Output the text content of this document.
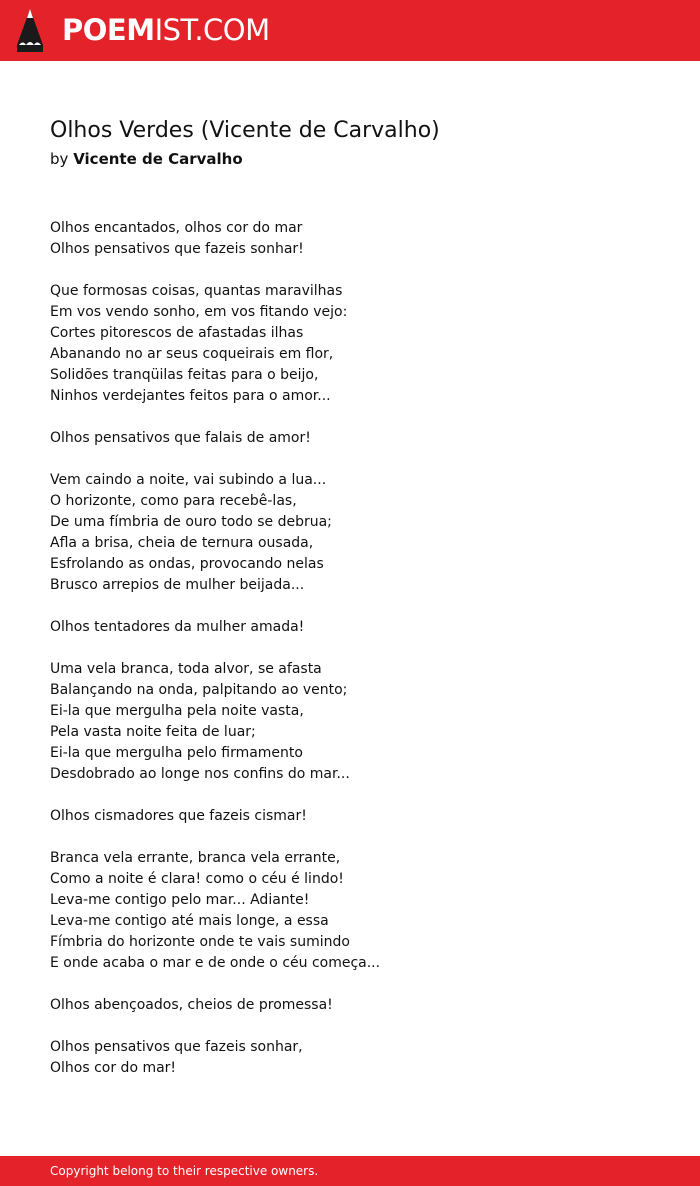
POEMIST.COM
Olhos Verdes (Vicente de Carvalho)
by Vicente de Carvalho
Olhos encantados, olhos cor do mar
Olhos pensativos que fazeis sonhar!
Que formosas coisas, quantas maravilhas
Em vos vendo sonho, em vos fitando vejo:
Cortes pitorescos de afastadas ilhas
Abanando no ar seus coqueirais em flor,
Solidões tranqüilas feitas para o beijo,
Ninhos verdejantes feitos para o amor...
Olhos pensativos que falais de amor!
Vem caindo a noite, vai subindo a lua...
O horizonte, como para recebê-las,
De uma fímbria de ouro todo se debrua;
Afla a brisa, cheia de ternura ousada,
Esfrolando as ondas, provocando nelas
Brusco arrepios de mulher beijada...
Olhos tentadores da mulher amada!
Uma vela branca, toda alvor, se afasta
Balançando na onda, palpitando ao vento;
Ei-la que mergulha pela noite vasta,
Pela vasta noite feita de luar;
Ei-la que mergulha pelo firmamento
Desdobrado ao longe nos confins do mar...
Olhos cismadores que fazeis cismar!
Branca vela errante, branca vela errante,
Como a noite é clara! como o céu é lindo!
Leva-me contigo pelo mar... Adiante!
Leva-me contigo até mais longe, a essa
Fímbria do horizonte onde te vais sumindo
E onde acaba o mar e de onde o céu começa...
Olhos abençoados, cheios de promessa!
Olhos pensativos que fazeis sonhar,
Olhos cor do mar!
Copyright belong to their respective owners.
